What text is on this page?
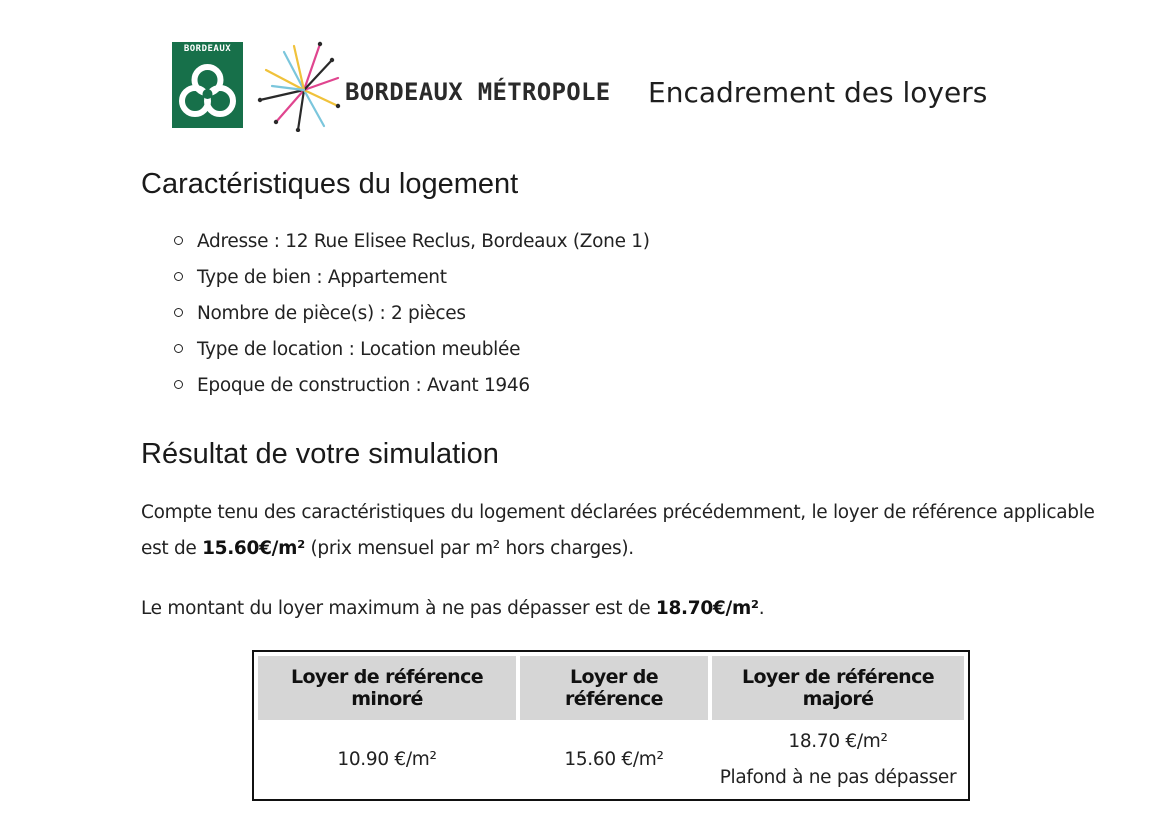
BORDEAUX
BORDEAUX MÉTROPOLE Encadrement des loyers
Caractéristiques du logement
Adresse : 12 Rue Elisee Reclus, Bordeaux (Zone 1)
Type de bien : Appartement
Nombre de pièce(s) : 2 pièces
Type de location : Location meublée
Epoque de construction : Avant 1946
Résultat de votre simulation

Compte tenu des caractéristiques du logement déclarées précédemment, le loyer de référence applicable est de 15.60€/m² (prix mensuel par m² hors charges).

Le montant du loyer maximum à ne pas dépasser est de 18.70€/m².

Loyer de référence minoré	Loyer de référence	Loyer de référence majoré
10.90 €/m²	15.60 €/m²	18.70 €/m²
Plafond à ne pas dépasser
